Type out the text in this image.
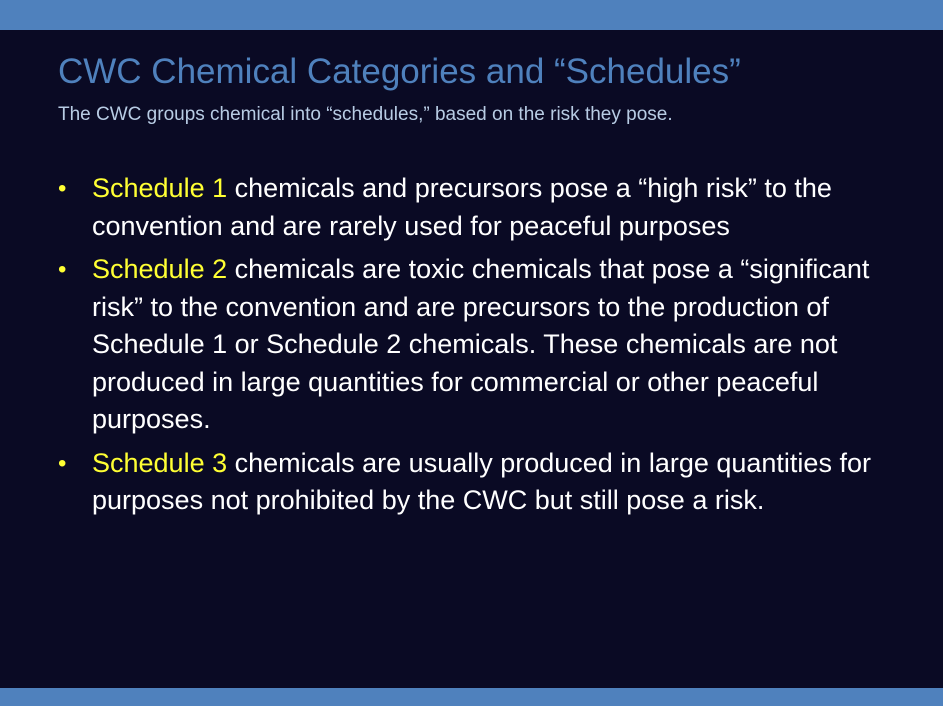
CWC Chemical Categories and “Schedules”

The CWC groups chemical into “schedules,” based on the risk they pose.

• Schedule 1 chemicals and precursors pose a “high risk” to the convention and are rarely used for peaceful purposes
• Schedule 2 chemicals are toxic chemicals that pose a “significant risk” to the convention and are precursors to the production of Schedule 1 or Schedule 2 chemicals. These chemicals are not produced in large quantities for commercial or other peaceful purposes.
• Schedule 3 chemicals are usually produced in large quantities for purposes not prohibited by the CWC but still pose a risk.
